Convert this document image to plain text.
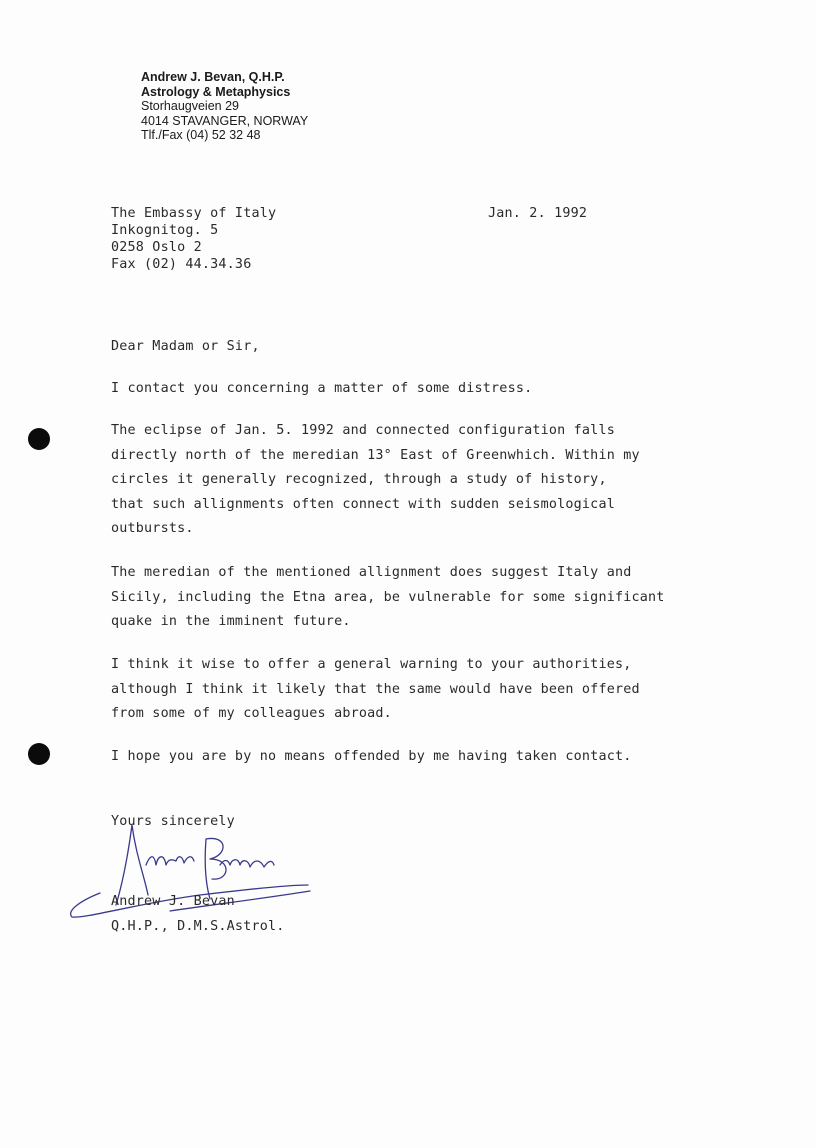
Andrew J. Bevan, Q.H.P.
Astrology & Metaphysics
Storhaugveien 29
4014 STAVANGER, NORWAY
Tlf./Fax (04) 52 32 48
The Embassy of Italy
Inkognitog. 5
0258 Oslo 2
Fax (02) 44.34.36
Jan. 2. 1992
Dear Madam or Sir,
I contact you concerning a matter of some distress.
The eclipse of Jan. 5. 1992 and connected configuration falls
directly north of the meredian 13° East of Greenwhich. Within my
circles it generally recognized, through a study of history,
that such allignments often connect with sudden seismological
outbursts.
The meredian of the mentioned allignment does suggest Italy and
Sicily, including the Etna area, be vulnerable for some significant
quake in the imminent future.
I think it wise to offer a general warning to your authorities,
although I think it likely that the same would have been offered
from some of my colleagues abroad.
I hope you are by no means offended by me having taken contact.
Yours sincerely
Andrew J. Bevan
Q.H.P., D.M.S.Astrol.
